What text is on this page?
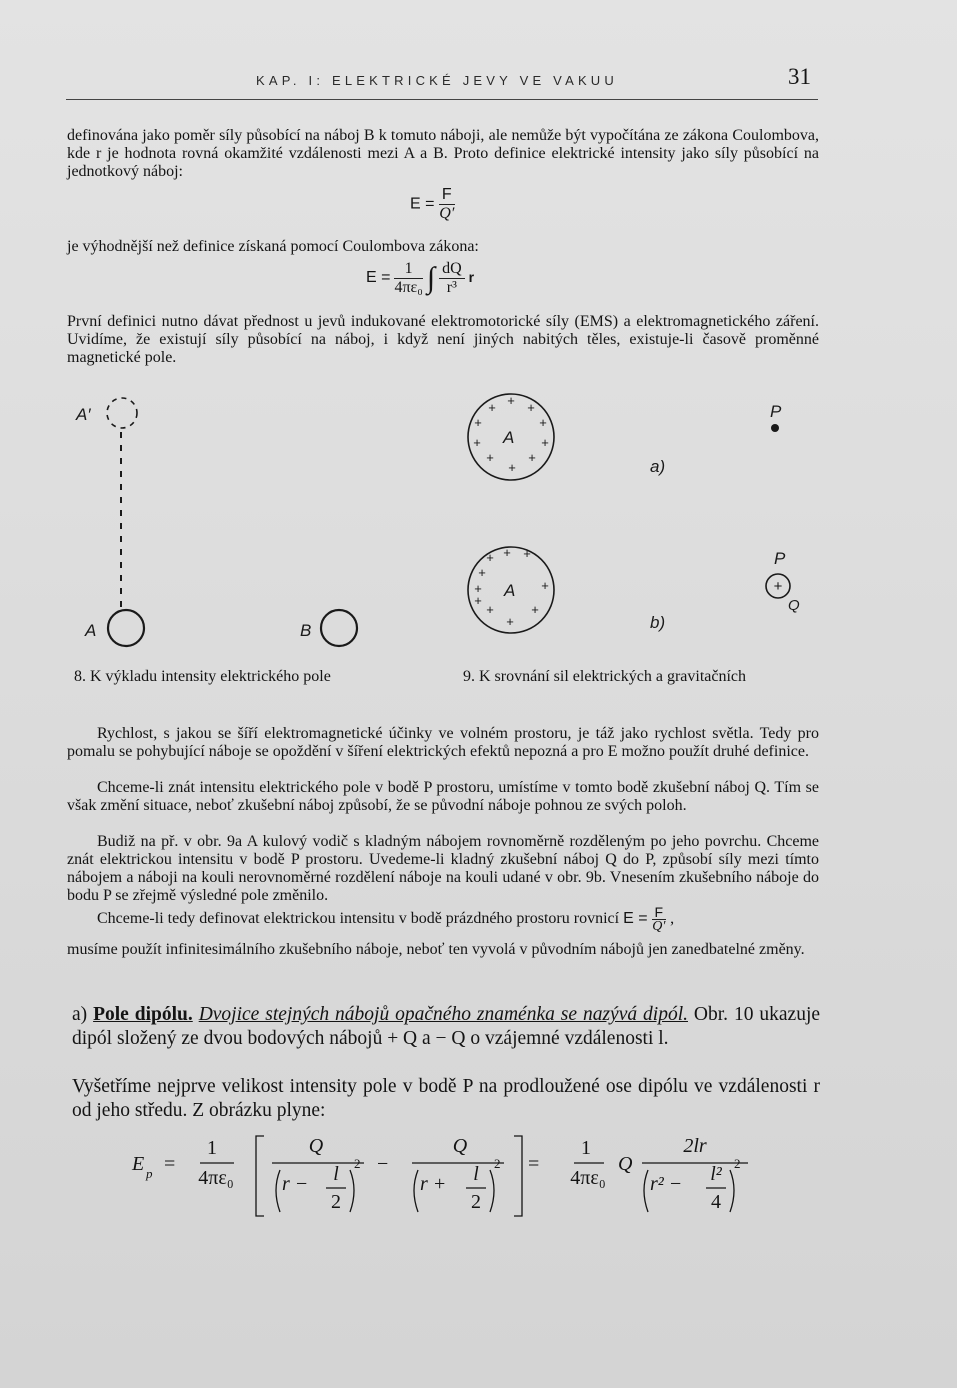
KAP. I: ELEKTRICKÉ JEVY VE VAKUU	31
definována jako poměr síly působící na náboj B k tomuto náboji, ale nemůže být vypočítána ze zákona Coulombova, kde r je hodnota rovná okamžité vzdálenosti mezi A a B. Proto definice elektrické intensity jako síly působící na jednotkový náboj:
$E = \frac{F}{Q'}$
je výhodnější než definice získaná pomocí Coulombova zákona:
$E = \frac{1}{\text{4πε₀}}$ ∫ $\frac{dQ}{\text{r³}}$ r
První definici nutno dávat přednost u jevů indukované elektromotorické síly (EMS) a elektromagnetického záření. Uvidíme, že existují síly působící na náboj, i když není jiných nabitých těles, existuje-li časově proměnné magnetické pole.
A′
A	B
A
A
P
P
Q
a)
b)
+ + +
+	+
+	+
+
+
+
+ + +
+
+
+
+
+
+
+
+
8. K výkladu intensity elektrického pole	9. K srovnání sil elektrických a gravitačních
Rychlost, s jakou se šíří elektromagnetické účinky ve volném prostoru, je táž jako rychlost světla. Tedy pro pomalu se pohybující náboje se opoždění v šíření elektrických efektů nepozná a pro E možno použít druhé definice.
Chceme-li znát intensitu elektrického pole v bodě P prostoru, umístíme v tomto bodě zkušební náboj Q. Tím se však změní situace, neboť zkušební náboj způsobí, že se původní náboje pohnou ze svých poloh.
Budiž na př. v obr. 9a A kulový vodič s kladným nábojem rovnoměrně rozděleným po jeho povrchu. Chceme znát elektrickou intensitu v bodě P prostoru. Uvedeme-li kladný zkušební náboj Q do P, způsobí síly mezi tímto nábojem a náboji na kouli nerovnoměrné rozdělení náboje na kouli udané v obr. 9b. Vnesením zkušebního náboje do bodu P se zřejmě výsledné pole změnilo.
Chceme-li tedy definovat elektrickou intensitu v bodě prázdného prostoru rovnicí $E = \frac{F}{Q'}$ ,
musíme použít infinitesimálního zkušebního náboje, neboť ten vyvolá v původním nábojů jen zanedbatelné změny.
a) Pole dipólu. Dvojice stejných nábojů opačného znaménka se nazývá dipól. Obr. 10 ukazuje dipól složený ze dvou bodových nábojů + Q a − Q o vzájemné vzdálenosti l.
Vyšetříme nejprve velikost intensity pole v bodě P na prodloužené ose dipólu ve vzdálenosti r od jeho středu. Z obrázku plyne:
E p =
1
4πε₀
Q
r − l
2
2 −
Q
r + l
2
2 =
1
4πε₀
Q
2lr
r² − l²
4
2
